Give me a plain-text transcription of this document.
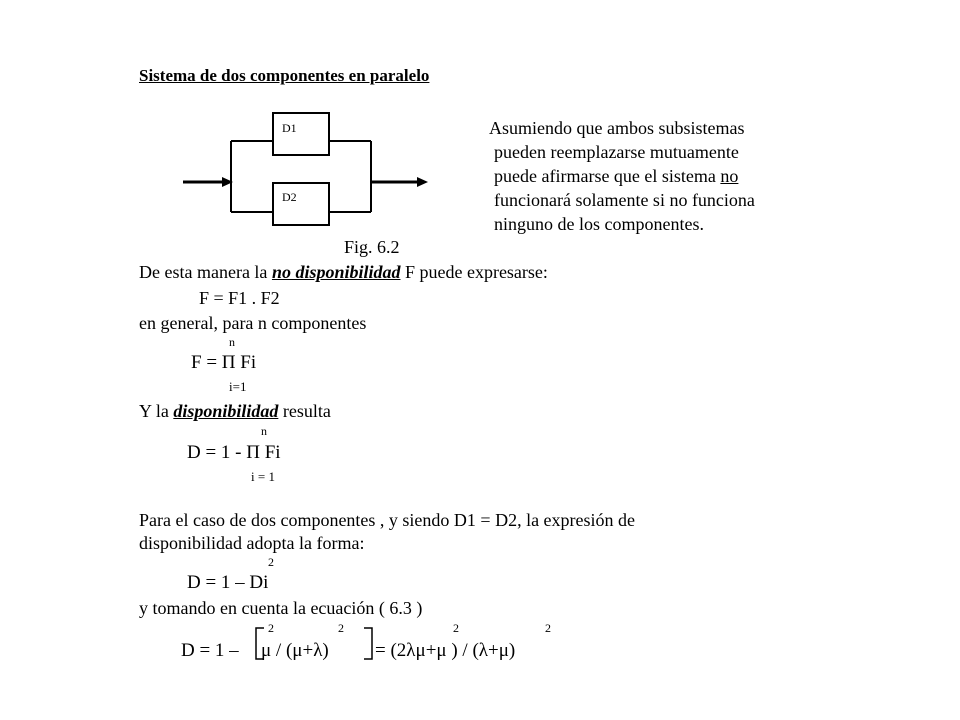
Sistema de dos componentes en paralelo
D1
D2
Fig. 6.2
Asumiendo que ambos subsistemas
pueden reemplazarse mutuamente
puede afirmarse que el sistema no
funcionará solamente si no funciona
ninguno de los componentes.
De esta manera la no disponibilidad F puede expresarse:
F = F1 . F2
en general, para n componentes
n
F = Π Fi
i=1
Y la disponibilidad resulta
n
D = 1 - Π Fi
i = 1
Para el caso de dos componentes , y siendo D1 = D2, la expresión de
disponibilidad adopta la forma:
2
D = 1 – Di
y tomando en cuenta la ecuación ( 6.3 )
D = 1 –
2	2
μ / (μ+λ) = (2λμ+μ ) / (λ+μ)
2	2
